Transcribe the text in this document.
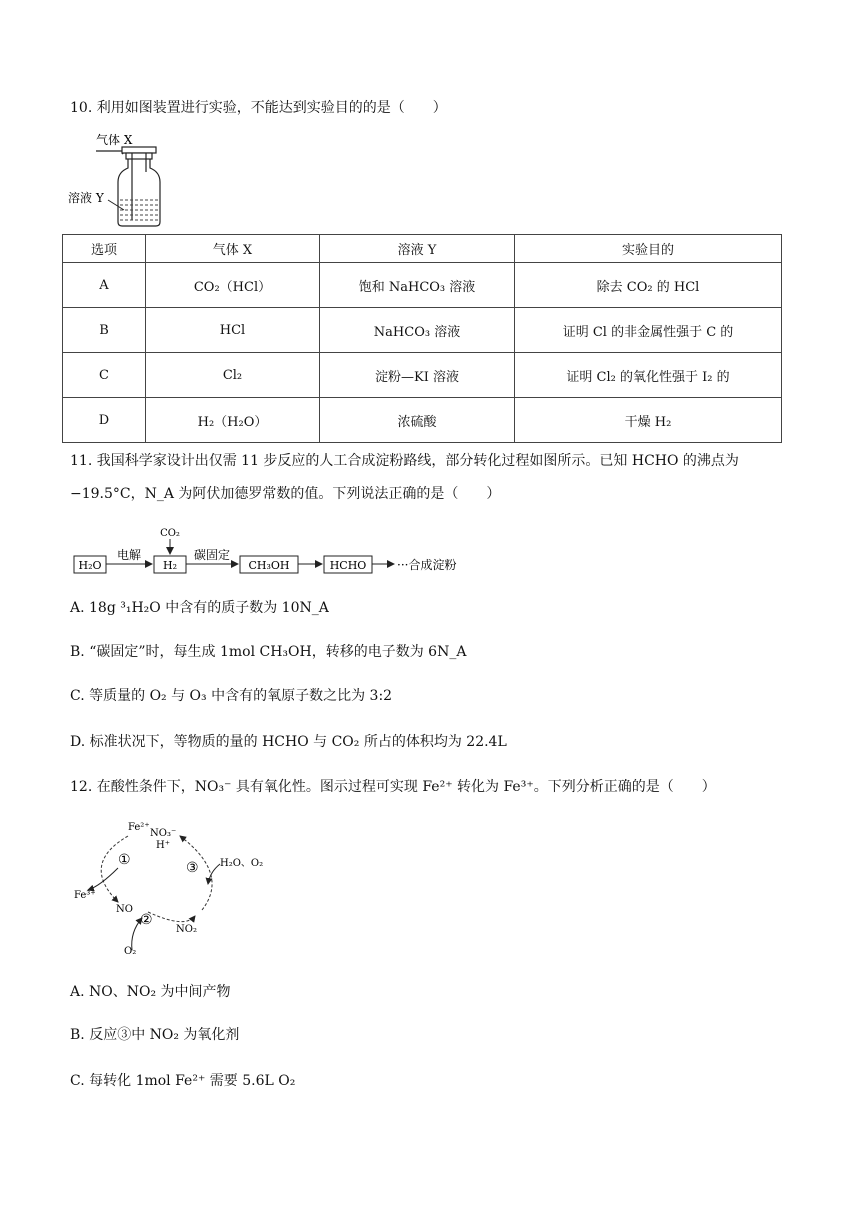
10. 利用如图装置进行实验，不能达到实验目的的是（　　）
气体 X
溶液 Y
选项	气体 X	溶液 Y	实验目的
A	CO₂（HCl）	饱和 NaHCO₃ 溶液	除去 CO₂ 的 HCl
B	HCl	NaHCO₃ 溶液	证明 Cl 的非金属性强于 C 的
C	Cl₂	淀粉—KI 溶液	证明 Cl₂ 的氧化性强于 I₂ 的
D	H₂（H₂O）	浓硫酸	干燥 H₂
11. 我国科学家设计出仅需 11 步反应的人工合成淀粉路线，部分转化过程如图所示。已知 HCHO 的沸点为
−19.5°C，N_A 为阿伏加德罗常数的值。下列说法正确的是（　　）
H₂O
电解
H₂
CO₂
碳固定
CH₃OH	HCHO	···合成淀粉
A. 18g ³₁H₂O 中含有的质子数为 10N_A
B. “碳固定”时，每生成 1mol CH₃OH，转移的电子数为 6N_A
C. 等质量的 O₂ 与 O₃ 中含有的氧原子数之比为 3:2
D. 标准状况下，等物质的量的 HCHO 与 CO₂ 所占的体积均为 22.4L
12. 在酸性条件下，NO₃⁻ 具有氧化性。图示过程可实现 Fe²⁺ 转化为 Fe³⁺。下列分析正确的是（　　）
Fe²⁺
NO₃⁻
H⁺
①	③
②
Fe³⁺
NO
NO₂
O₂
H₂O、O₂
A. NO、NO₂ 为中间产物
B. 反应③中 NO₂ 为氧化剂
C. 每转化 1mol Fe²⁺ 需要 5.6L O₂
